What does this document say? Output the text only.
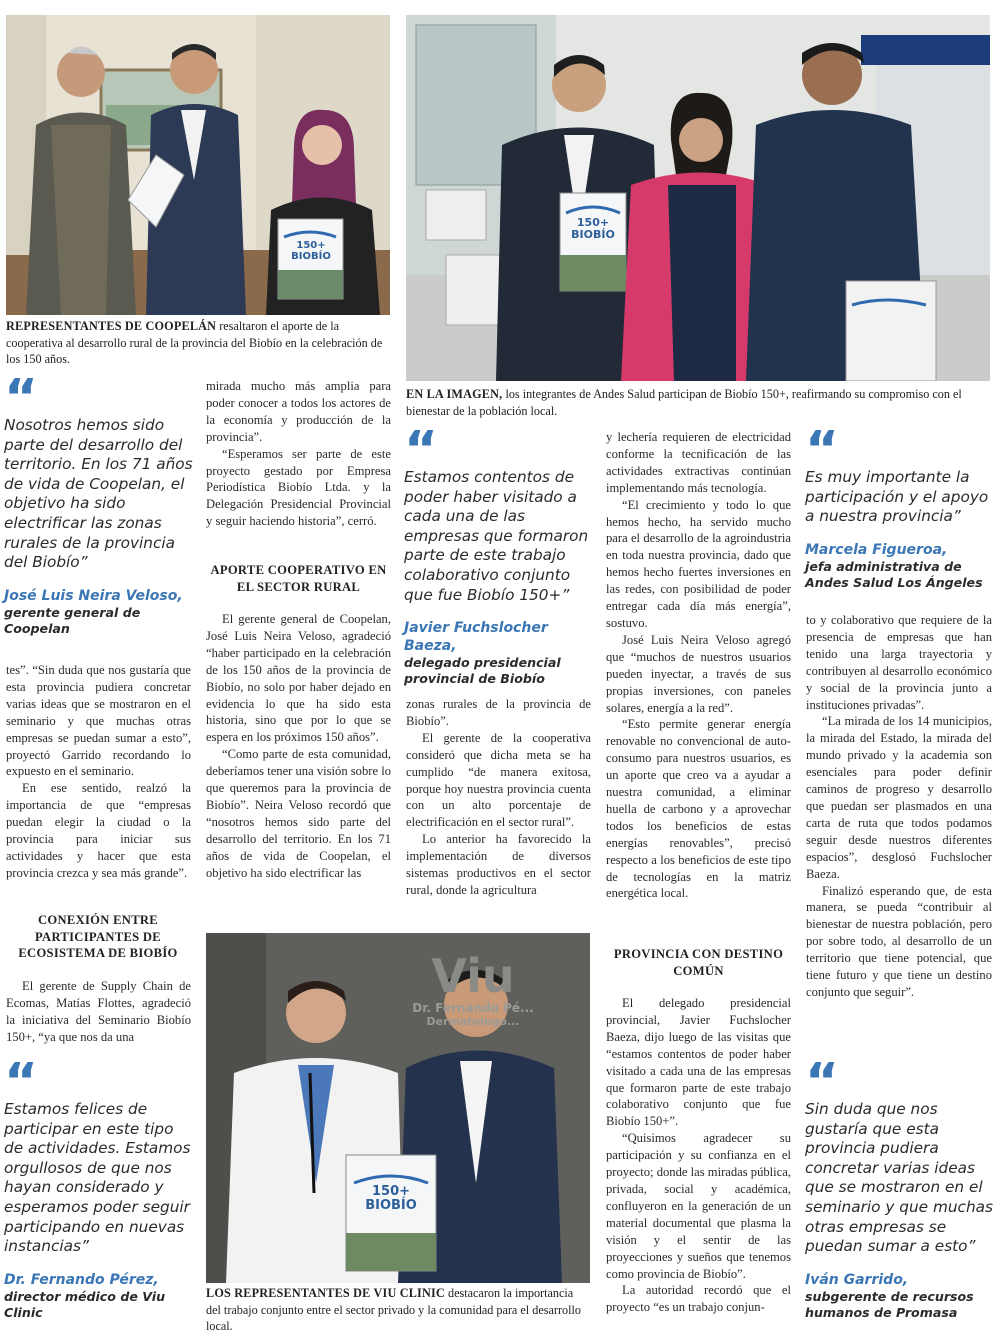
150+
BIOBÍO
REPRESENTANTES DE COOPELÁN resaltaron el aporte de la cooperativa al desarrollo rural de la provincia del Biobío en la celebración de los 150 años.
150+
BIOBÍO
EN LA IMAGEN, los integrantes de Andes Salud participan de Biobío 150+, reafirmando su compromiso con el bienestar de la población local.
“
Nosotros hemos sido parte del desarrollo del territorio. En los 71 años de vida de Coopelan, el objetivo ha sido electrificar las zonas rurales de la provincia del Biobío”
José Luis Neira Veloso,
gerente general de Coopelan

tes”. “Sin duda que nos gustaría que esta provincia pudiera concretar varias ideas que se mostraron en el seminario y que muchas otras empresas se puedan sumar a esto”, proyectó Garrido recordando lo expuesto en el seminario.

En ese sentido, realzó la importancia de que “empresas puedan elegir la ciudad o la provincia para iniciar sus actividades y hacer que esta provincia crezca y sea más grande”.

CONEXIÓN ENTRE PARTICIPANTES DE ECOSISTEMA DE BIOBÍO

El gerente de Supply Chain de Ecomas, Matías Flottes, agradeció la iniciativa del Seminario Biobío 150+, “ya que nos da una

“
Estamos felices de participar en este tipo de actividades. Estamos orgullosos de que nos hayan considerado y esperamos poder seguir participando en nuevas instancias”
Dr. Fernando Pérez,
director médico de Viu Clinic

mirada mucho más amplia para poder conocer a todos los actores de la economía y producción de la provincia”.

“Esperamos ser parte de este proyecto gestado por Empresa Periodística Biobío Ltda. y la Delegación Presidencial Provincial y seguir haciendo historia”, cerró.

APORTE COOPERATIVO EN EL SECTOR RURAL

El gerente general de Coopelan, José Luis Neira Veloso, agradeció “haber participado en la celebración de los 150 años de la provincia de Biobío, no solo por haber dejado en evidencia lo que ha sido esta historia, sino que por lo que se espera en los próximos 150 años”.

“Como parte de esta comunidad, deberíamos tener una visión sobre lo que queremos para la provincia de Biobío”. Neira Veloso recordó que “nosotros hemos sido parte del desarrollo del territorio. En los 71 años de vida de Coopelan, el objetivo ha sido electrificar las

“
Estamos contentos de poder haber visitado a cada una de las empresas que formaron parte de este trabajo colaborativo conjunto que fue Biobío 150+”
Javier Fuchslocher Baeza,
delegado presidencial provincial de Biobío

zonas rurales de la provincia de Biobío”.

El gerente de la cooperativa consideró que dicha meta se ha cumplido “de manera exitosa, porque hoy nuestra provincia cuenta con un alto porcentaje de electrificación en el sector rural”.

Lo anterior ha favorecido la implementación de diversos sistemas productivos en el sector rural, donde la agricultura

y lechería requieren de electricidad conforme la tecnificación de las actividades extractivas continúan implementando más tecnología.

“El crecimiento y todo lo que hemos hecho, ha servido mucho para el desarrollo de la agroindustria en toda nuestra provincia, dado que hemos hecho fuertes inversiones en las redes, con posibilidad de poder entregar cada día más energía”, sostuvo.

José Luis Neira Veloso agregó que “muchos de nuestros usuarios pueden inyectar, a través de sus propias inversiones, con paneles solares, energía a la red”.

“Esto permite generar energía renovable no convencional de auto-consumo para nuestros usuarios, es un aporte que creo va a ayudar a nuestra comunidad, a eliminar huella de carbono y a aprovechar todos los beneficios de estas energías renovables”, precisó respecto a los beneficios de este tipo de tecnologías en la matriz energética local.

PROVINCIA CON DESTINO COMÚN

El delegado presidencial provincial, Javier Fuchslocher Baeza, dijo luego de las visitas que “estamos contentos de poder haber visitado a cada una de las empresas que formaron parte de este trabajo colaborativo conjunto que fue Biobío 150+”.

“Quisimos agradecer su participación y su confianza en el proyecto; donde las miradas pública, privada, social y académica, confluyeron en la generación de un material documental que plasma la visión y el sentir de las proyecciones y sueños que tenemos como provincia de Biobío”.

La autoridad recordó que el proyecto “es un trabajo conjun-

“
Es muy importante la participación y el apoyo a nuestra provincia”
Marcela Figueroa,
jefa administrativa de Andes Salud Los Ángeles

to y colaborativo que requiere de la presencia de empresas que han tenido una larga trayectoria y contribuyen al desarrollo económico y social de la provincia junto a instituciones privadas”.

“La mirada de los 14 municipios, la mirada del Estado, la mirada del mundo privado y la academia son esenciales para poder definir caminos de progreso y desarrollo que puedan ser plasmados en una carta de ruta que todos podamos seguir desde nuestros diferentes espacios”, desglosó Fuchslocher Baeza.

Finalizó esperando que, de esta manera, se pueda “contribuir al bienestar de nuestra población, pero por sobre todo, al desarrollo de un territorio que tiene potencial, que tiene futuro y que tiene un destino conjunto que seguir”.

“
Sin duda que nos gustaría que esta provincia pudiera concretar varias ideas que se mostraron en el seminario y que muchas otras empresas se puedan sumar a esto”
Iván Garrido,
subgerente de recursos humanos de Promasa
Viu
Dr. Fernando Pé...
Dermatologo...
150+
BIOBÍO
LOS REPRESENTANTES DE VIU CLINIC destacaron la importancia del trabajo conjunto entre el sector privado y la comunidad para el desarrollo local.
